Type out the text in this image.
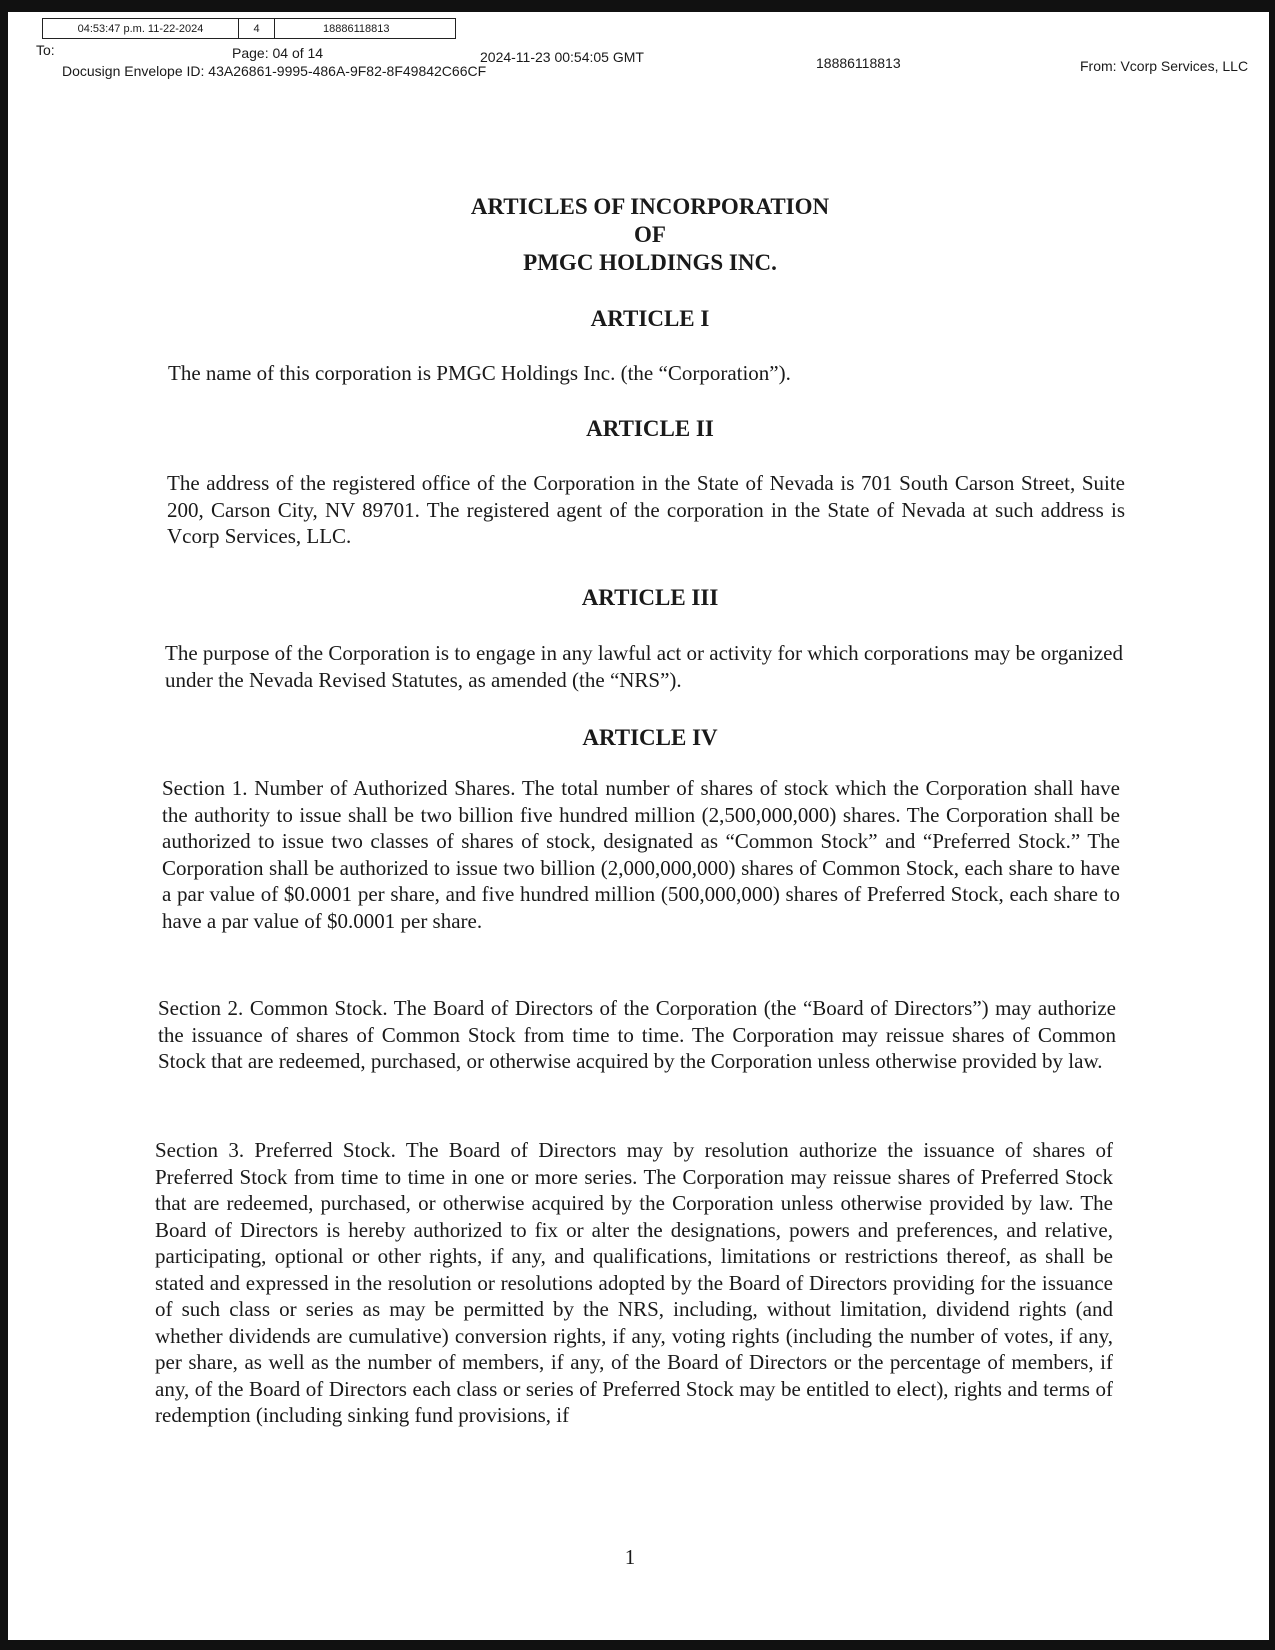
04:53:47 p.m. 11-22-2024	4	18886118813
To:	Page: 04 of 14	2024-11-23 00:54:05 GMT
Docusign Envelope ID: 43A26861-9995-486A-9F82-8F49842C66CF	18886118813	From: Vcorp Services, LLC
ARTICLES OF INCORPORATION
OF
PMGC HOLDINGS INC.
ARTICLE I

The name of this corporation is PMGC Holdings Inc. (the “Corporation”).

ARTICLE II

The address of the registered office of the Corporation in the State of Nevada is 701 South Carson Street, Suite 200, Carson City, NV 89701. The registered agent of the corporation in the State of Nevada at such address is Vcorp Services, LLC.

ARTICLE III

The purpose of the Corporation is to engage in any lawful act or activity for which corporations may be organized under the Nevada Revised Statutes, as amended (the “NRS”).

ARTICLE IV

Section 1. Number of Authorized Shares. The total number of shares of stock which the Corporation shall have the authority to issue shall be two billion five hundred million (2,500,000,000) shares. The Corporation shall be authorized to issue two classes of shares of stock, designated as “Common Stock” and “Preferred Stock.” The Corporation shall be authorized to issue two billion (2,000,000,000) shares of Common Stock, each share to have a par value of $0.0001 per share, and five hundred million (500,000,000) shares of Preferred Stock, each share to have a par value of $0.0001 per share.

Section 2. Common Stock. The Board of Directors of the Corporation (the “Board of Directors”) may authorize the issuance of shares of Common Stock from time to time. The Corporation may reissue shares of Common Stock that are redeemed, purchased, or otherwise acquired by the Corporation unless otherwise provided by law.

Section 3. Preferred Stock. The Board of Directors may by resolution authorize the issuance of shares of Preferred Stock from time to time in one or more series. The Corporation may reissue shares of Preferred Stock that are redeemed, purchased, or otherwise acquired by the Corporation unless otherwise provided by law. The Board of Directors is hereby authorized to fix or alter the designations, powers and preferences, and relative, participating, optional or other rights, if any, and qualifications, limitations or restrictions thereof, as shall be stated and expressed in the resolution or resolutions adopted by the Board of Directors providing for the issuance of such class or series as may be permitted by the NRS, including, without limitation, dividend rights (and whether dividends are cumulative) conversion rights, if any, voting rights (including the number of votes, if any, per share, as well as the number of members, if any, of the Board of Directors or the percentage of members, if any, of the Board of Directors each class or series of Preferred Stock may be entitled to elect), rights and terms of redemption (including sinking fund provisions, if

1
